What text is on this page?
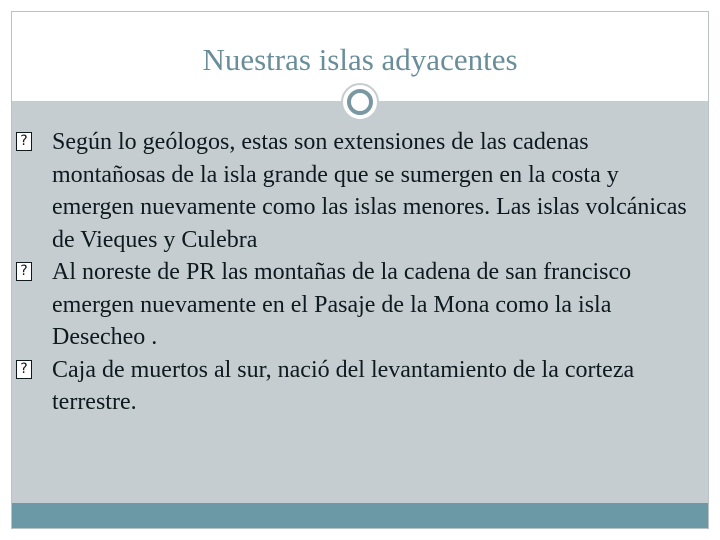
Nuestras islas adyacentes
? Según lo geólogos, estas son extensiones de las cadenas montañosas de la isla grande que se sumergen en la costa y emergen nuevamente como las islas menores. Las islas volcánicas de Vieques y Culebra
? Al noreste de PR las montañas de la cadena de san francisco emergen nuevamente en el Pasaje de la Mona como la isla Desecheo .
? Caja de muertos al sur, nació del levantamiento de la corteza terrestre.
